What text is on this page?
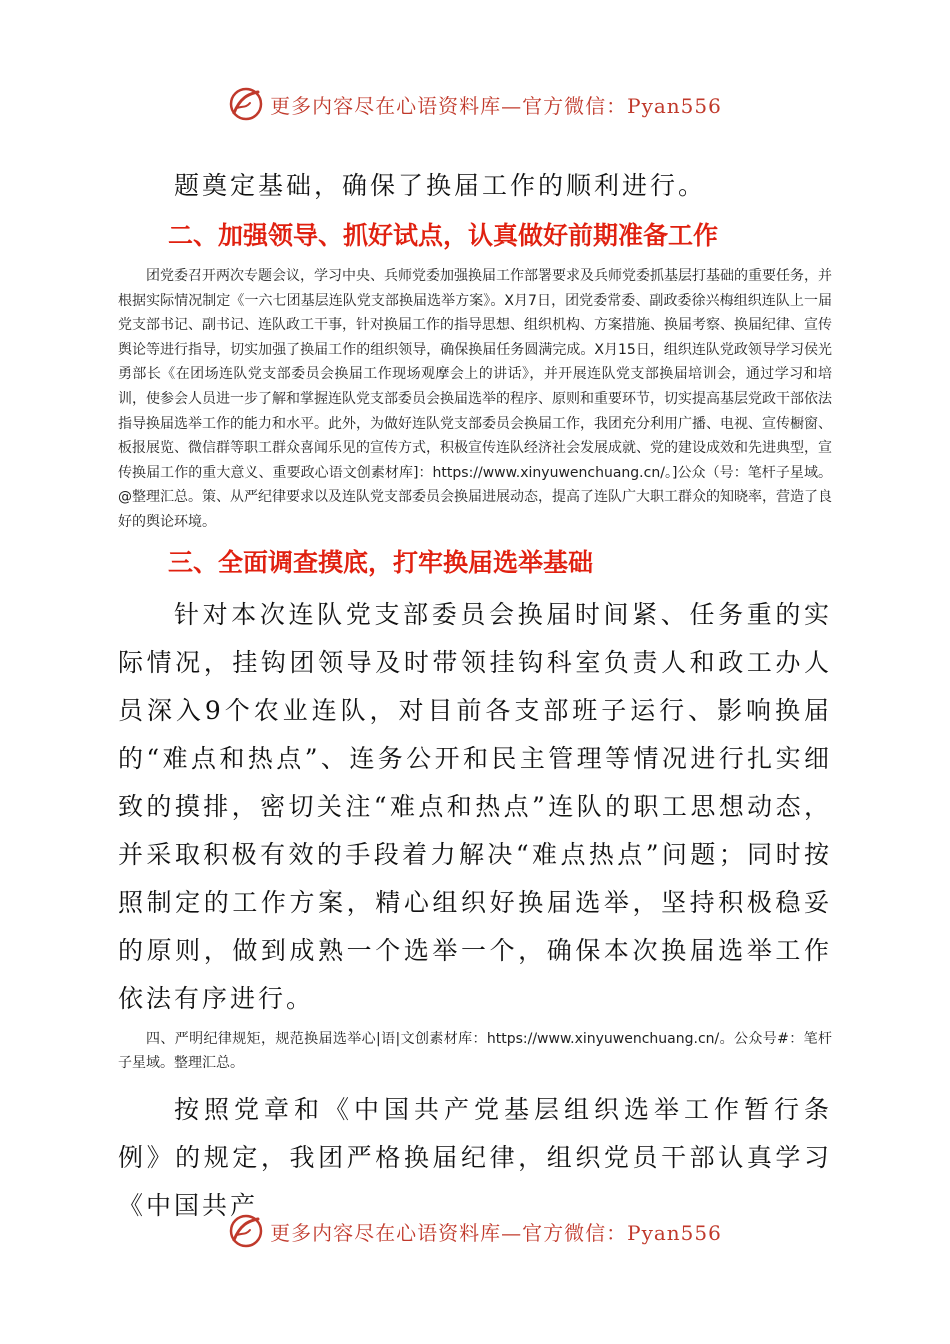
更多内容尽在心语资料库—官方微信：Pyan556

题奠定基础，确保了换届工作的顺利进行。

二、加强领导、抓好试点，认真做好前期准备工作

团党委召开两次专题会议，学习中央、兵师党委加强换届工作部署要求及兵师党委抓基层打基础的重要任务，并根据实际情况制定《一六七团基层连队党支部换届选举方案》。X月7日，团党委常委、副政委徐兴梅组织连队上一届党支部书记、副书记、连队政工干事，针对换届工作的指导思想、组织机构、方案措施、换届考察、换届纪律、宣传舆论等进行指导，切实加强了换届工作的组织领导，确保换届任务圆满完成。X月15日，组织连队党政领导学习侯光勇部长《在团场连队党支部委员会换届工作现场观摩会上的讲话》，并开展连队党支部换届培训会，通过学习和培训，使参会人员进一步了解和掌握连队党支部委员会换届选举的程序、原则和重要环节，切实提高基层党政干部依法指导换届选举工作的能力和水平。此外，为做好连队党支部委员会换届工作，我团充分利用广播、电视、宣传橱窗、板报展览、微信群等职工群众喜闻乐见的宣传方式，积极宣传连队经济社会发展成就、党的建设成效和先进典型，宣传换届工作的重大意义、重要政心语文创素材库]：https://www.xinyuwenchuang.cn/。]公众（号：笔杆子星域。@整理汇总。策、从严纪律要求以及连队党支部委员会换届进展动态，提高了连队广大职工群众的知晓率，营造了良好的舆论环境。

三、全面调查摸底，打牢换届选举基础

针对本次连队党支部委员会换届时间紧、任务重的实际情况，挂钩团领导及时带领挂钩科室负责人和政工办人员深入9个农业连队，对目前各支部班子运行、影响换届的“难点和热点”、连务公开和民主管理等情况进行扎实细致的摸排，密切关注“难点和热点”连队的职工思想动态，并采取积极有效的手段着力解决“难点热点”问题；同时按照制定的工作方案，精心组织好换届选举，坚持积极稳妥的原则，做到成熟一个选举一个，确保本次换届选举工作依法有序进行。

四、严明纪律规矩，规范换届选举心|语|文创素材库：https://www.xinyuwenchuang.cn/。公众号#：笔杆子星域。整理汇总。

按照党章和《中国共产党基层组织选举工作暂行条例》的规定，我团严格换届纪律，组织党员干部认真学习《中国共产

更多内容尽在心语资料库—官方微信：Pyan556
